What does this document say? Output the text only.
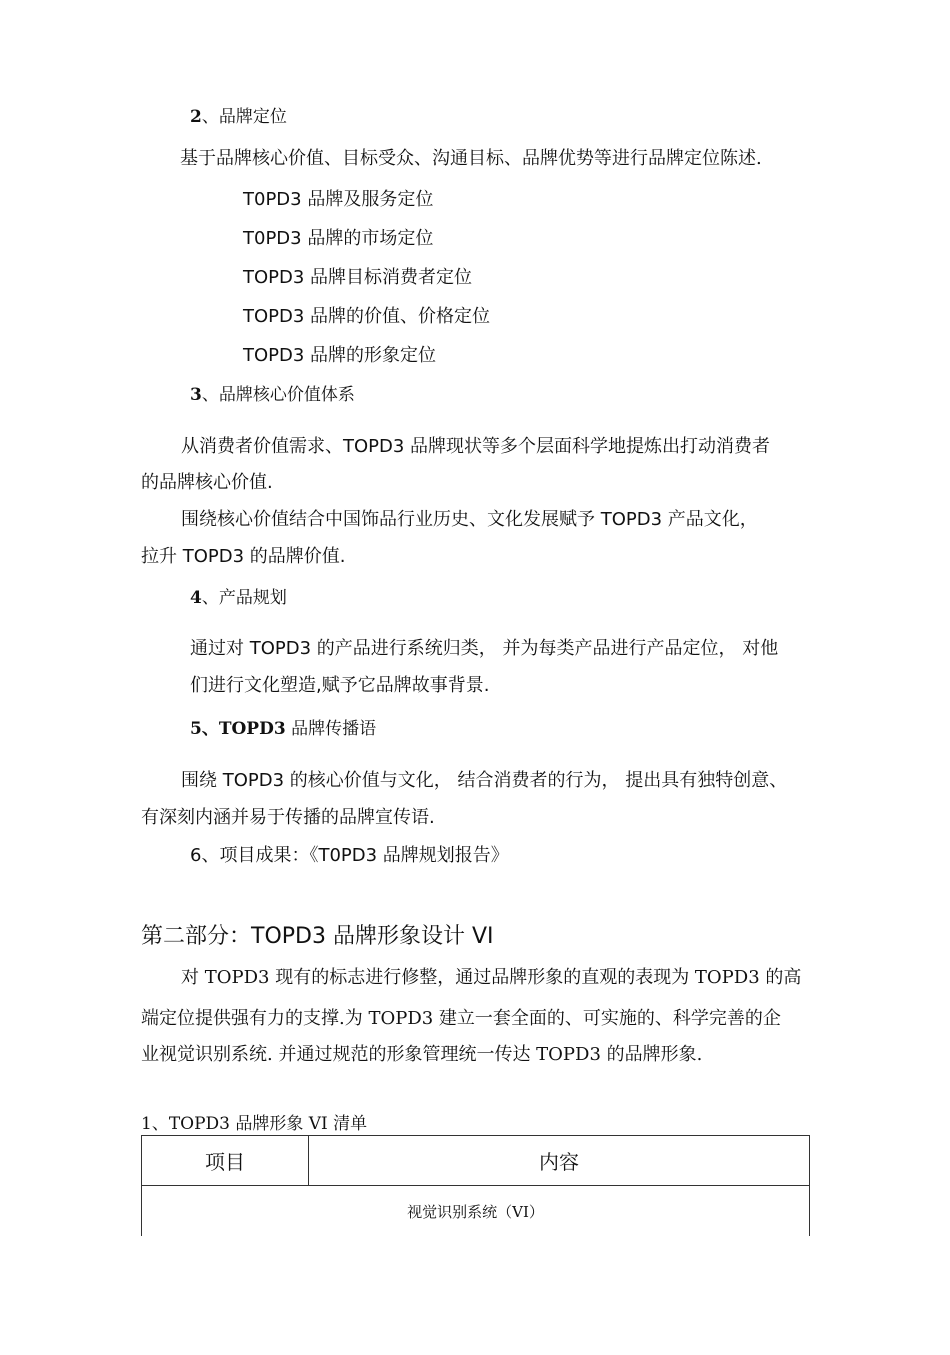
2、品牌定位
基于品牌核心价值、目标受众、沟通目标、品牌优势等进行品牌定位陈述.
T0PD3 品牌及服务定位
T0PD3 品牌的市场定位
TOPD3 品牌目标消费者定位
TOPD3 品牌的价值、价格定位
TOPD3 品牌的形象定位
3、品牌核心价值体系
从消费者价值需求、TOPD3 品牌现状等多个层面科学地提炼出打动消费者
的品牌核心价值.
围绕核心价值结合中国饰品行业历史、文化发展赋予 TOPD3 产品文化，
拉升 TOPD3 的品牌价值.
4、产品规划
通过对 TOPD3 的产品进行系统归类， 并为每类产品进行产品定位， 对他
们进行文化塑造,赋予它品牌故事背景.
5、TOPD3 品牌传播语
围绕 TOPD3 的核心价值与文化， 结合消费者的行为， 提出具有独特创意、
有深刻内涵并易于传播的品牌宣传语.
6、项目成果：《T0PD3 品牌规划报告》
第二部分：TOPD3 品牌形象设计 VI
对 TOPD3 现有的标志进行修整，通过品牌形象的直观的表现为 TOPD3 的高
端定位提供强有力的支撑.为 TOPD3 建立一套全面的、可实施的、科学完善的企
业视觉识别系统. 并通过规范的形象管理统一传达 TOPD3 的品牌形象.
1、TOPD3 品牌形象 VI 清单
项目	内容
视觉识别系统（VI）
